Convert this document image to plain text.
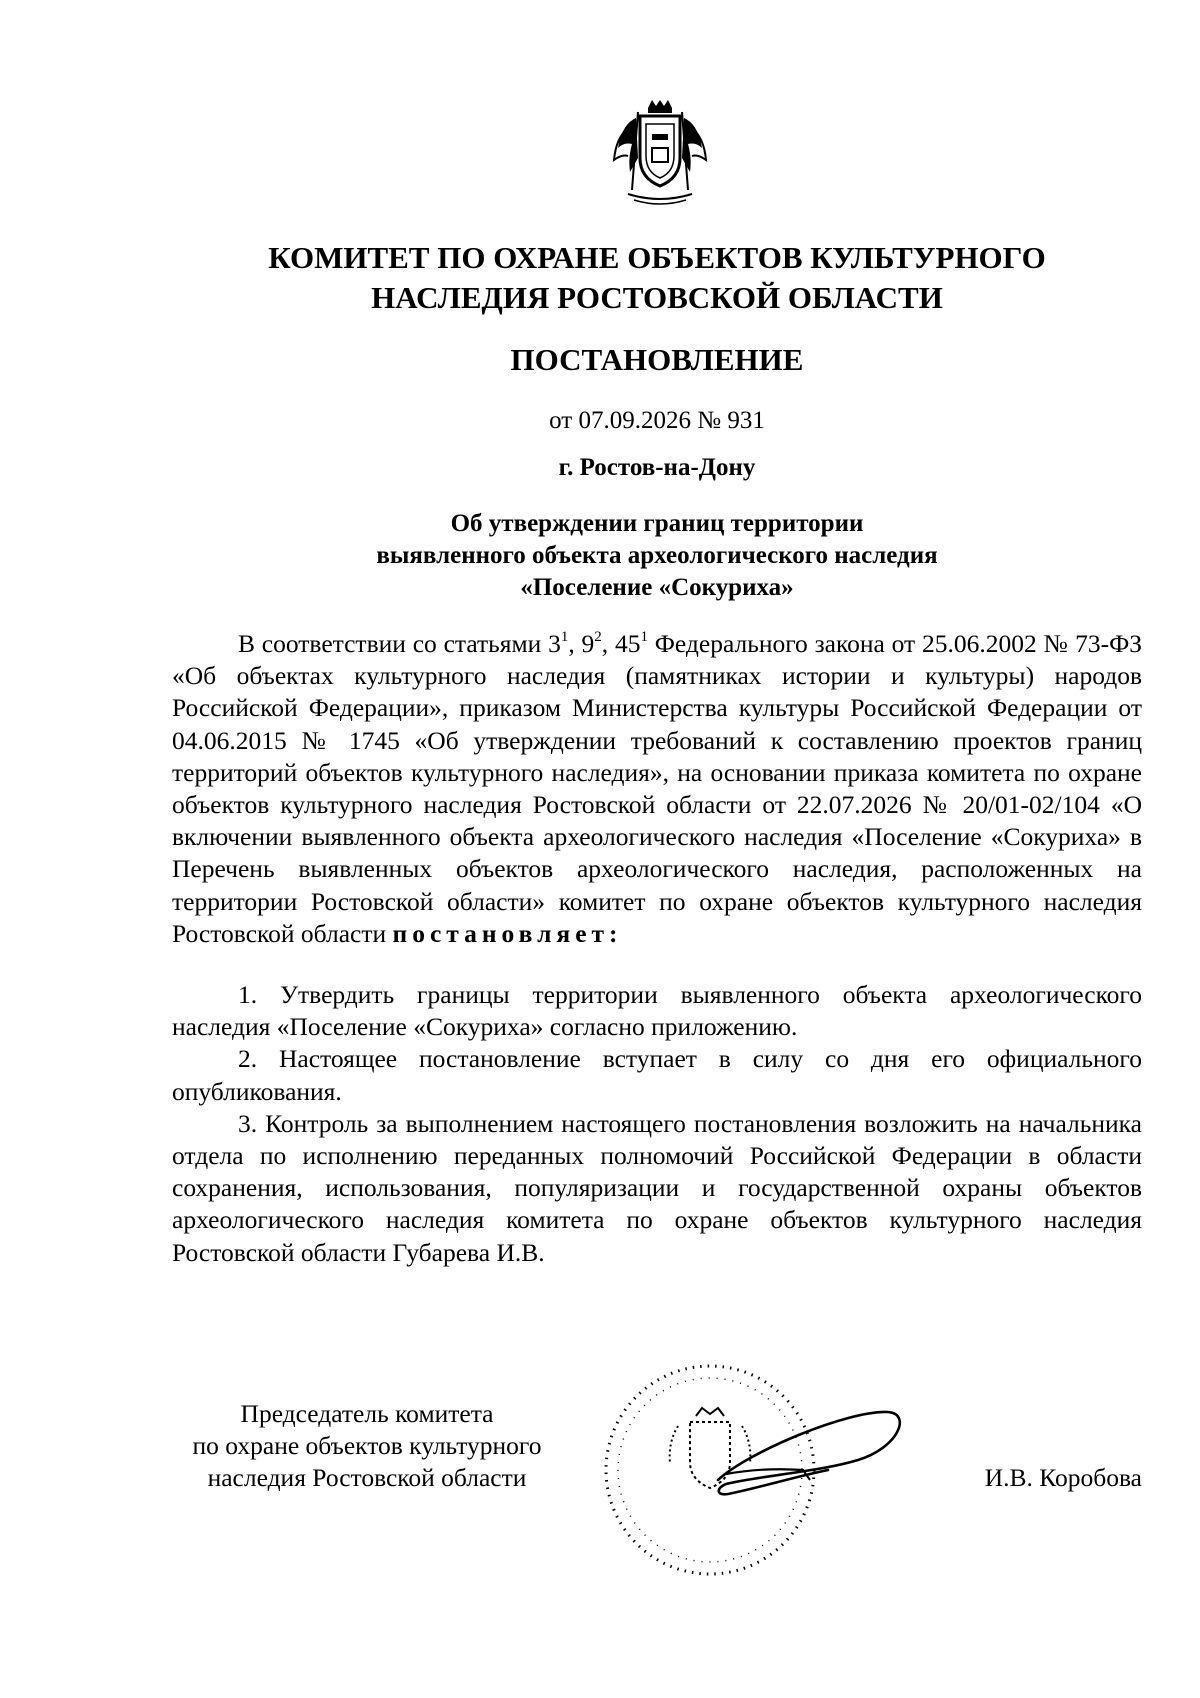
КОМИТЕТ ПО ОХРАНЕ ОБЪЕКТОВ КУЛЬТУРНОГО
НАСЛЕДИЯ РОСТОВСКОЙ ОБЛАСТИ
ПОСТАНОВЛЕНИЕ
от 07.09.2026 № 931
г. Ростов-на-Дону
Об утверждении границ территории
выявленного объекта археологического наследия
«Поселение «Сокуриха»

В соответствии со статьями $3^1$, $9^2$, $45^1$ Федерального закона от 25.06.2002 № 73-ФЗ «Об объектах культурного наследия (памятниках истории и культуры) народов Российской Федерации», приказом Министерства культуры Российской Федерации от 04.06.2015 № 1745 «Об утверждении требований к составлению проектов границ территорий объектов культурного наследия», на основании приказа комитета по охране объектов культурного наследия Ростовской области от 22.07.2026 № 20/01-02/104 «О включении выявленного объекта археологического наследия «Поселение «Сокуриха» в Перечень выявленных объектов археологического наследия, расположенных на территории Ростовской области» комитет по охране объектов культурного наследия Ростовской области постановляет:

1. Утвердить границы территории выявленного объекта археологического наследия «Поселение «Сокуриха» согласно приложению.

2. Настоящее постановление вступает в силу со дня его официального опубликования.

3. Контроль за выполнением настоящего постановления возложить на начальника отдела по исполнению переданных полномочий Российской Федерации в области сохранения, использования, популяризации и государственной охраны объектов археологического наследия комитета по охране объектов культурного наследия Ростовской области Губарева И.В.

Председатель комитета
по охране объектов культурного
наследия Ростовской области	И.В. Коробова
